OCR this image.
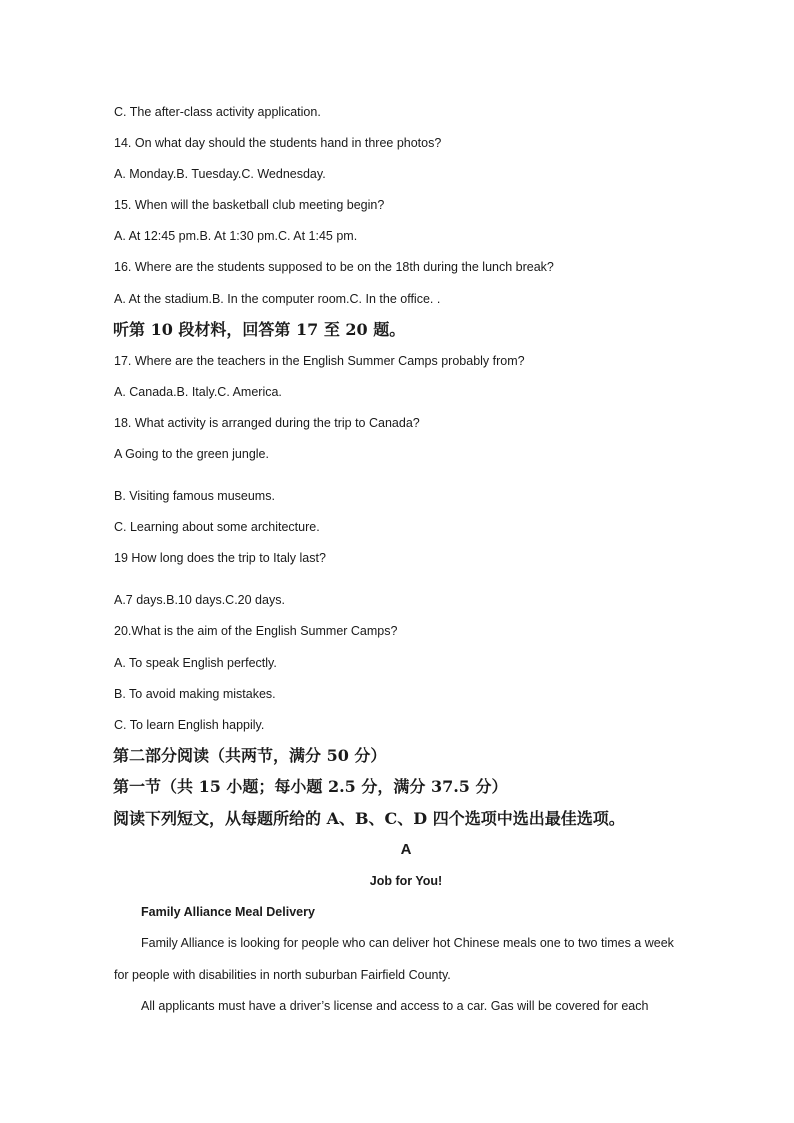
C. The after-class activity application.
14. On what day should the students hand in three photos?
A. Monday.B. Tuesday.C. Wednesday.
15. When will the basketball club meeting begin?
A. At 12:45 pm.B. At 1:30 pm.C. At 1:45 pm.
16. Where are the students supposed to be on the 18th during the lunch break?
A. At the stadium.B. In the computer room.C. In the office. .
听第 10 段材料，回答第 17 至 20 题。
17. Where are the teachers in the English Summer Camps probably from?
A. Canada.B. Italy.C. America.
18. What activity is arranged during the trip to Canada?
A Going to the green jungle.
B. Visiting famous museums.
C. Learning about some architecture.
19 How long does the trip to Italy last?
A.7 days.B.10 days.C.20 days.
20.What is the aim of the English Summer Camps?
A. To speak English perfectly.
B. To avoid making mistakes.
C. To learn English happily.
第二部分阅读（共两节，满分 50 分）
第一节（共 15 小题；每小题 2.5 分，满分 37.5 分）
阅读下列短文，从每题所给的 A、B、C、D 四个选项中选出最佳选项。
A
Job for You!
Family Alliance Meal Delivery
Family Alliance is looking for people who can deliver hot Chinese meals one to two times a week
for people with disabilities in north suburban Fairfield County.
All applicants must have a driver’s license and access to a car. Gas will be covered for each
